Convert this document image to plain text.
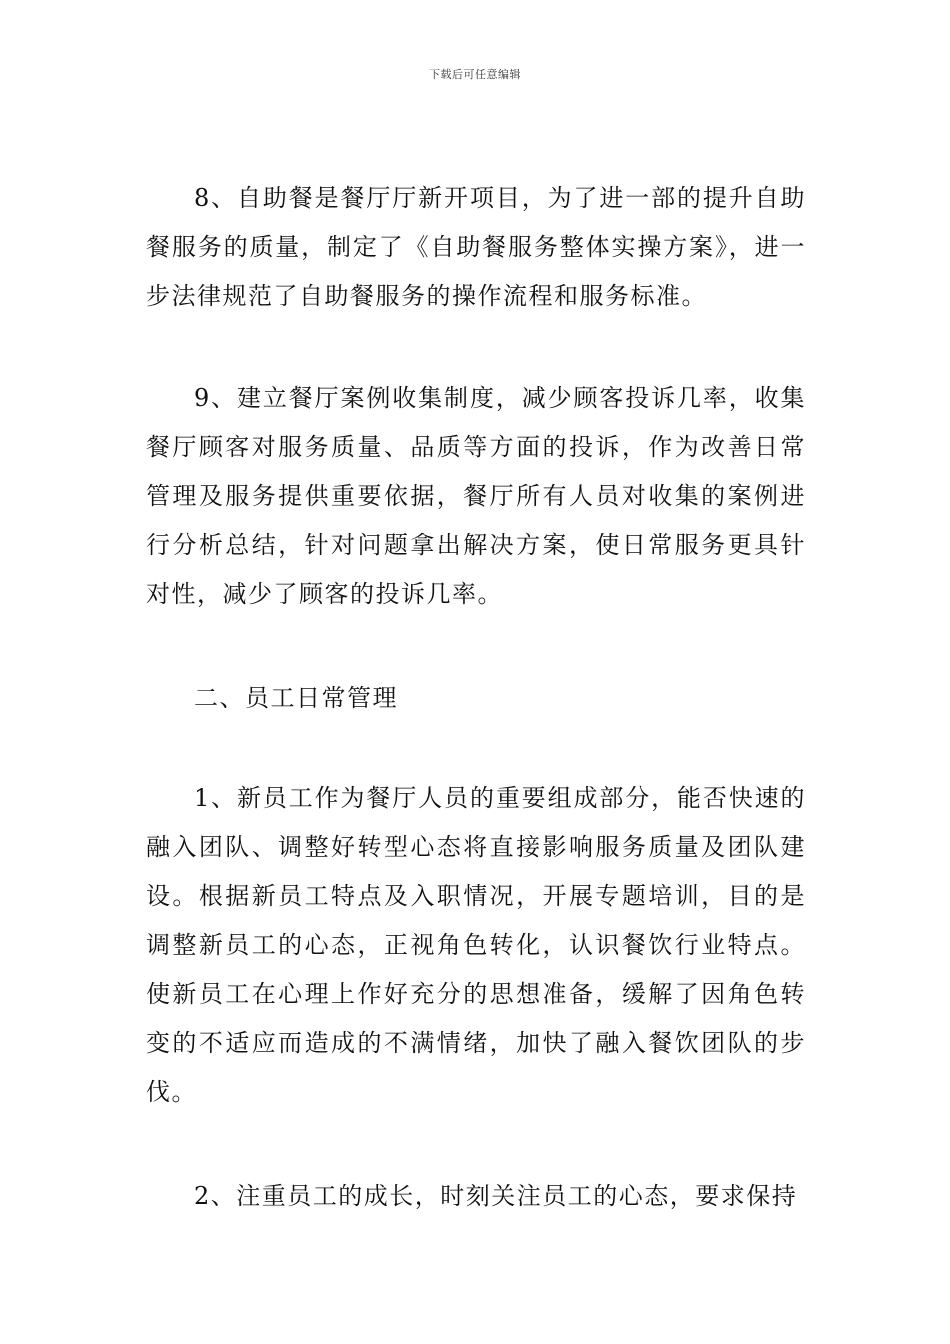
下载后可任意编辑

8、自助餐是餐厅厅新开项目，为了进一部的提升自助餐服务的质量，制定了《自助餐服务整体实操方案》，进一步法律规范了自助餐服务的操作流程和服务标准。

9、建立餐厅案例收集制度，减少顾客投诉几率，收集餐厅顾客对服务质量、品质等方面的投诉，作为改善日常管理及服务提供重要依据，餐厅所有人员对收集的案例进行分析总结，针对问题拿出解决方案，使日常服务更具针对性，减少了顾客的投诉几率。

二、员工日常管理

1、新员工作为餐厅人员的重要组成部分，能否快速的融入团队、调整好转型心态将直接影响服务质量及团队建设。根据新员工特点及入职情况，开展专题培训，目的是调整新员工的心态，正视角色转化，认识餐饮行业特点。使新员工在心理上作好充分的思想准备，缓解了因角色转变的不适应而造成的不满情绪，加快了融入餐饮团队的步伐。

2、注重员工的成长，时刻关注员工的心态，要求保持
